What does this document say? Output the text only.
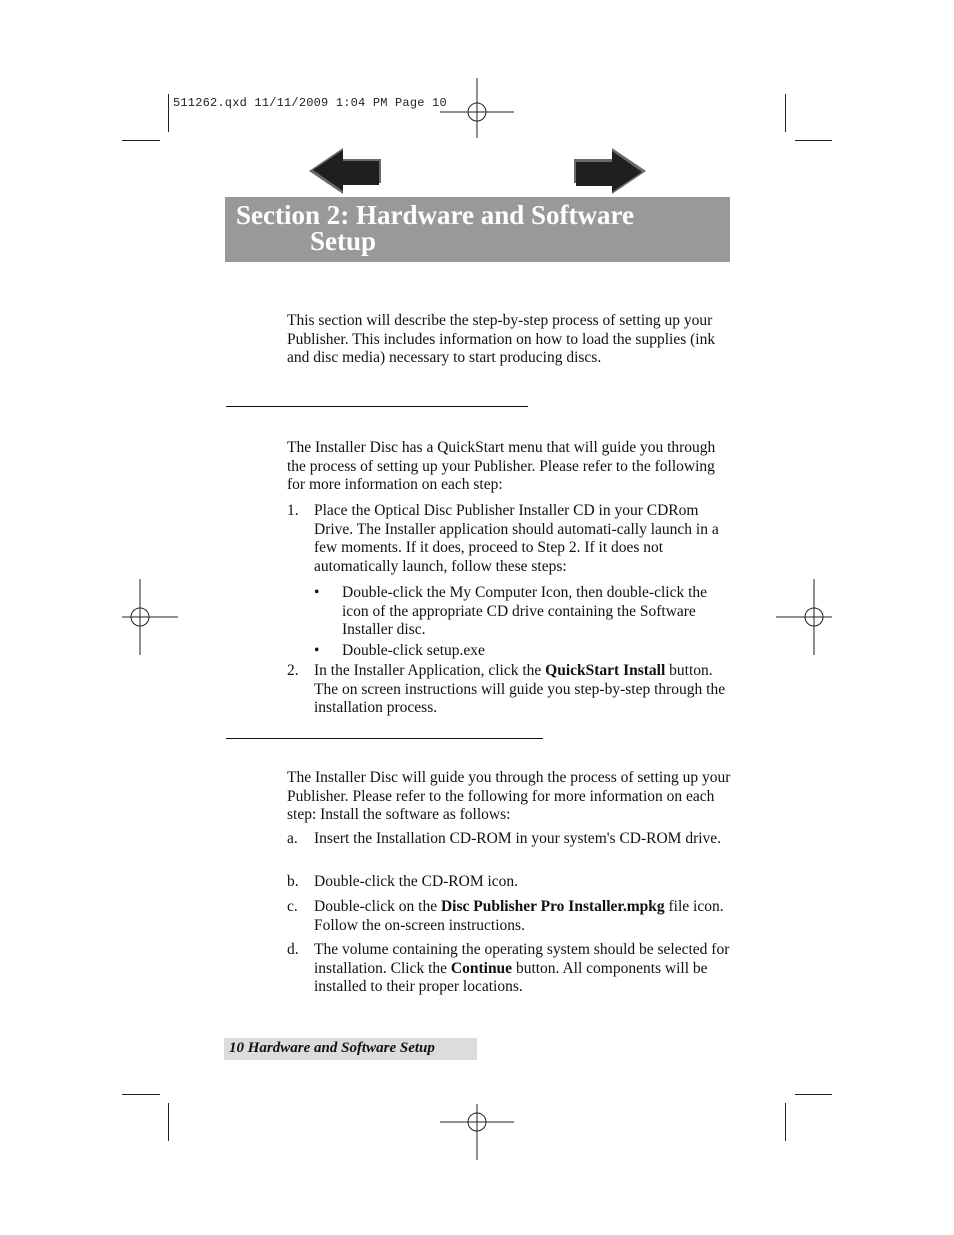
511262.qxd 11/11/2009 1:04 PM Page 10
Section 2: Hardware and Software
Setup

This section will describe the step-by-step process of setting up your Publisher. This includes information on how to load the supplies (ink and disc media) necessary to start producing discs.

The Installer Disc has a QuickStart menu that will guide you through the process of setting up your Publisher. Please refer to the following for more information on each step:

1. Place the Optical Disc Publisher Installer CD in your CDRom Drive. The Installer application should automati-cally launch in a few moments. If it does, proceed to Step 2. If it does not automatically launch, follow these steps:
• Double-click the My Computer Icon, then double-click the icon of the appropriate CD drive containing the Software Installer disc.
• Double-click setup.exe
2. In the Installer Application, click the QuickStart Install button. The on screen instructions will guide you step-by-step through the installation process.

The Installer Disc will guide you through the process of setting up your Publisher. Please refer to the following for more information on each step: Install the software as follows:

a. Insert the Installation CD-ROM in your system's CD-ROM drive.
b. Double-click the CD-ROM icon.
c. Double-click on the Disc Publisher Pro Installer.mpkg file icon. Follow the on-screen instructions.
d. The volume containing the operating system should be selected for installation. Click the Continue button. All components will be installed to their proper locations.
10 Hardware and Software Setup
